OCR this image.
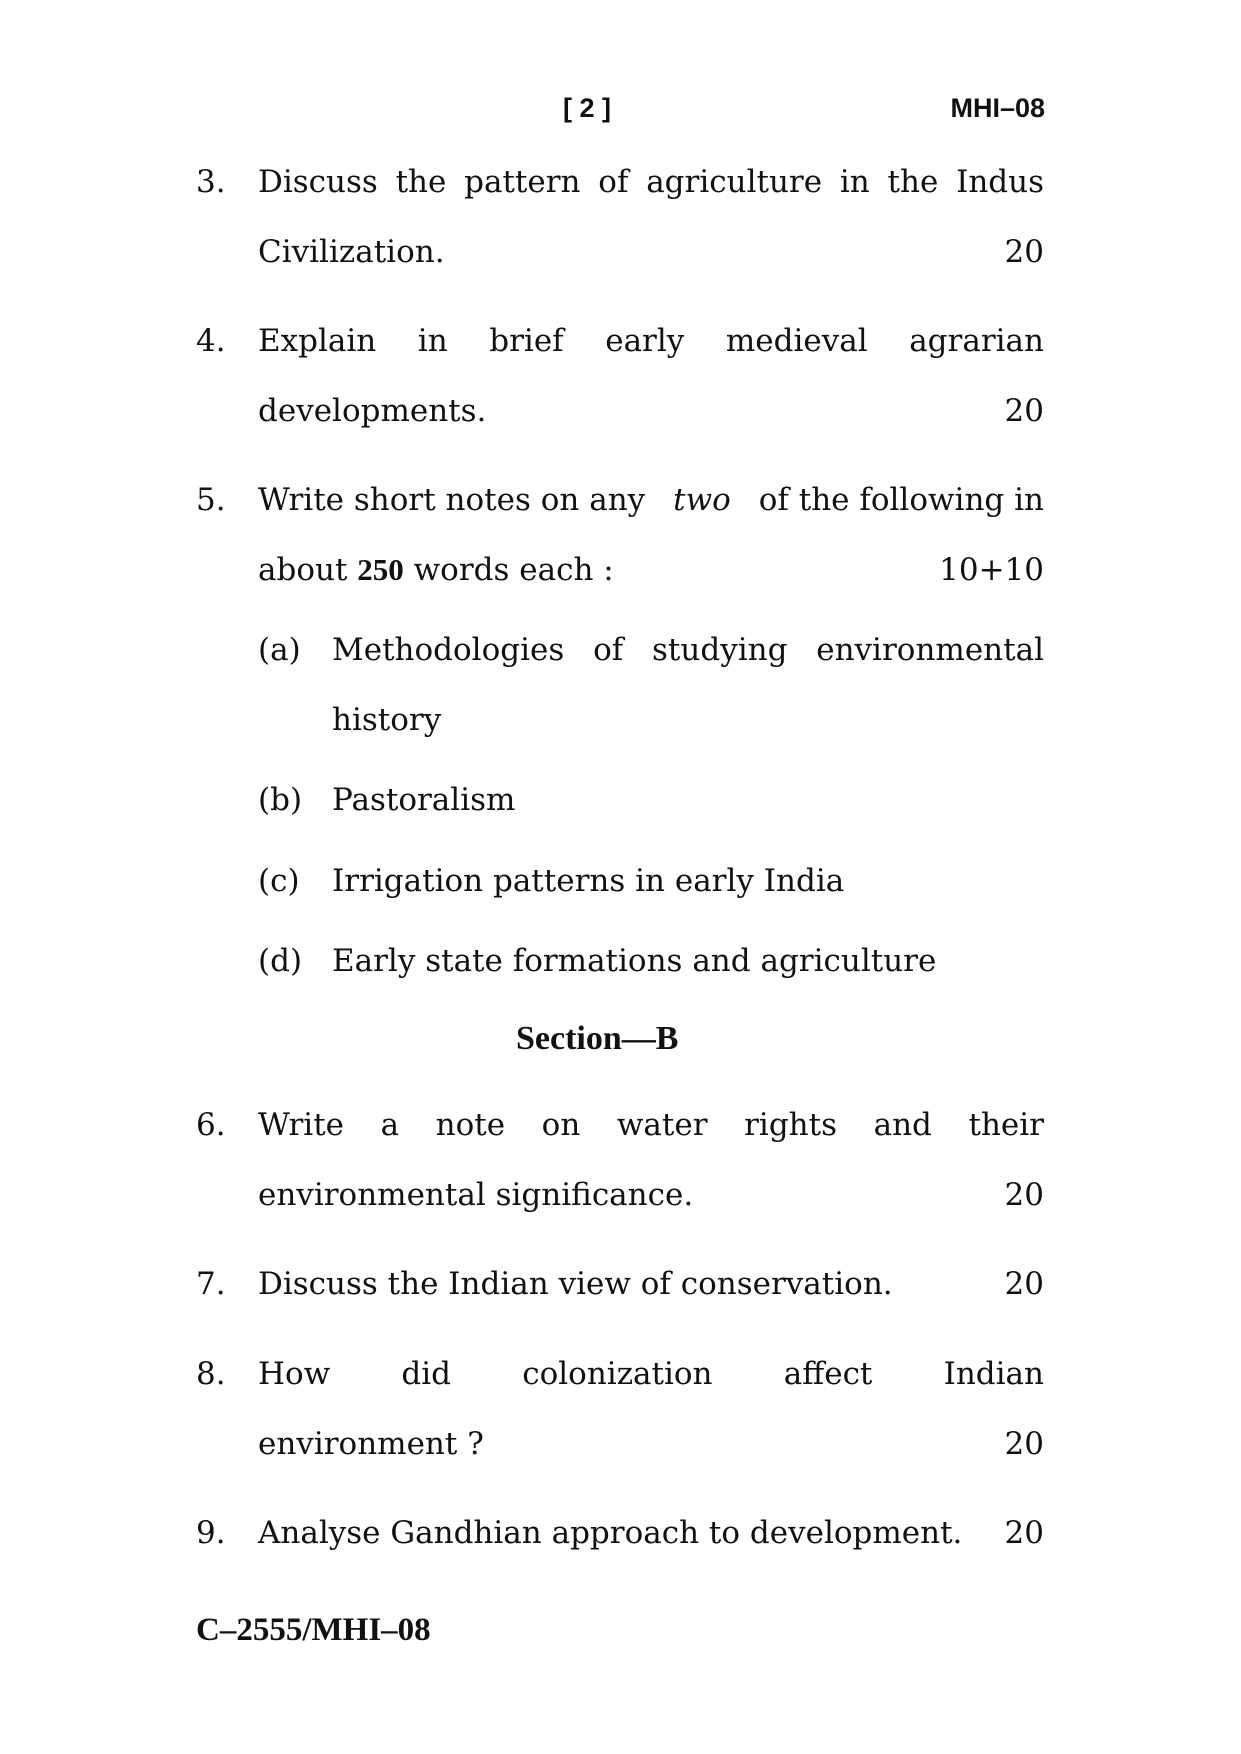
[ 2 ]	MHI–08
3.	Discuss the pattern of agriculture in the Indus
Civilization.	20
4.	Explain in brief early medieval agrarian
developments.	20
5.	Write short notes on any two of the following in
about 250 words each :	10+10
(a) Methodologies of studying environmental
history
(b) Pastoralism
(c) Irrigation patterns in early India
(d) Early state formations and agriculture
Section—B
6.	Write a note on water rights and their
environmental significance.	20
7.	Discuss the Indian view of conservation.	20
8.	How did colonization affect Indian
environment ?	20
9.	Analyse Gandhian approach to development. 20
C–2555/MHI–08
